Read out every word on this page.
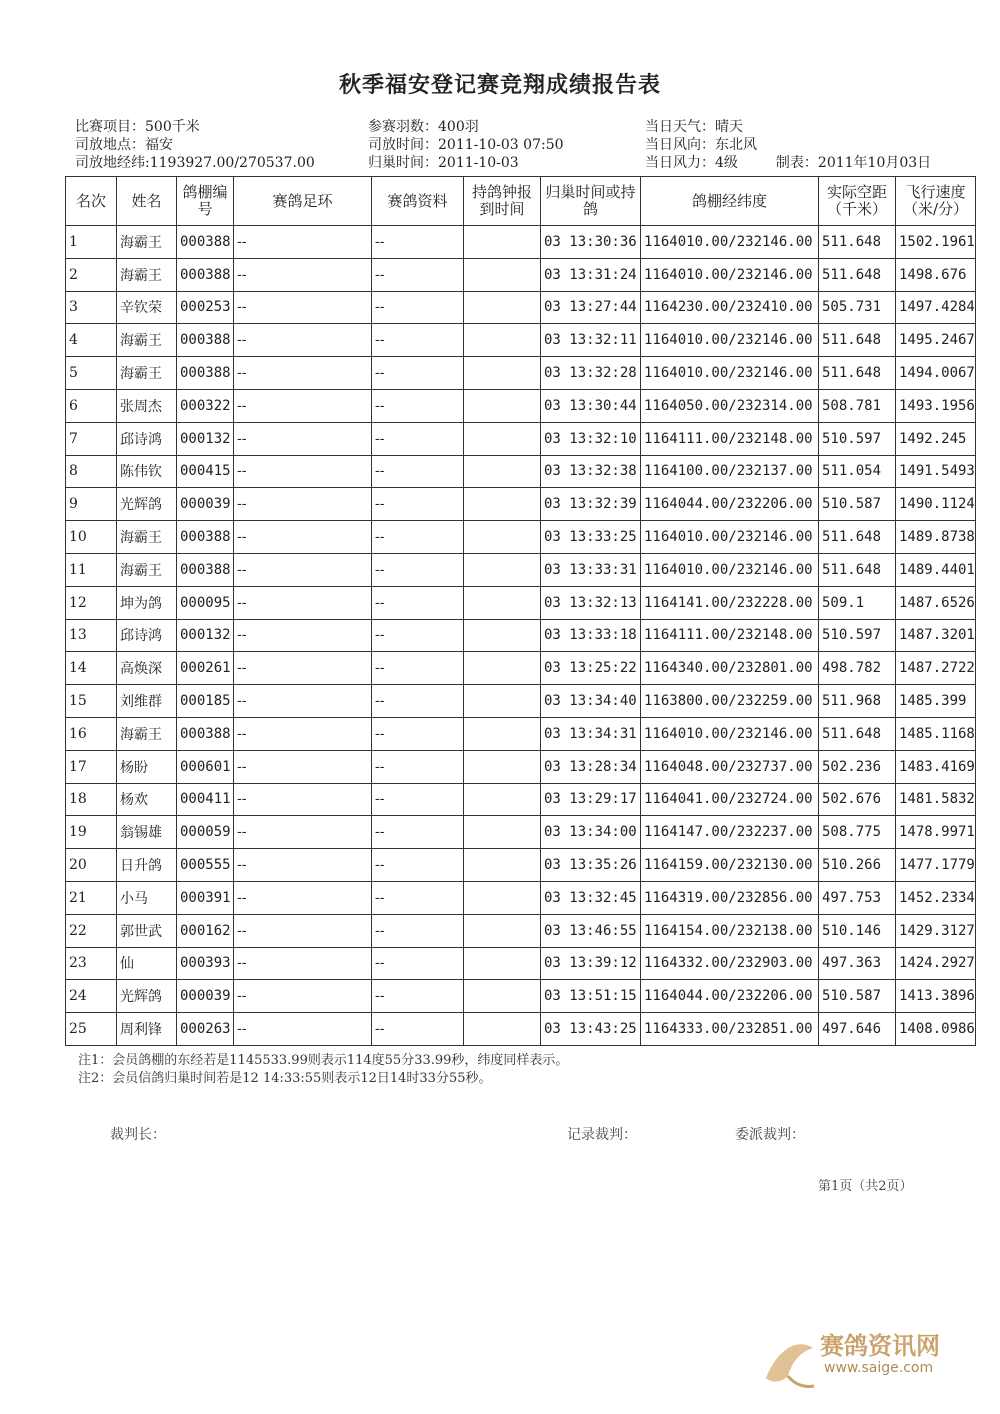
秋季福安登记赛竞翔成绩报告表
比赛项目：500千米
司放地点：福安
司放地经纬:1193927.00/270537.00
参赛羽数：400羽
司放时间：2011-10-03 07:50
归巢时间：2011-10-03
当日天气：晴天
当日风向：东北风
当日风力：4级	制表：2011年10月03日
名次	姓名	鸽棚编号	赛鸽足环	赛鸽资料	持鸽钟报到时间	归巢时间或持鸽	鸽棚经纬度	实际空距（千米）	飞行速度（米/分）
1	海霸王	000388	--	--		03 13:30:36	1164010.00/232146.00	511.648	1502.1961
2	海霸王	000388	--	--		03 13:31:24	1164010.00/232146.00	511.648	1498.676
3	辛钦荣	000253	--	--		03 13:27:44	1164230.00/232410.00	505.731	1497.4284
4	海霸王	000388	--	--		03 13:32:11	1164010.00/232146.00	511.648	1495.2467
5	海霸王	000388	--	--		03 13:32:28	1164010.00/232146.00	511.648	1494.0067
6	张周杰	000322	--	--		03 13:30:44	1164050.00/232314.00	508.781	1493.1956
7	邱诗鸿	000132	--	--		03 13:32:10	1164111.00/232148.00	510.597	1492.245
8	陈伟钦	000415	--	--		03 13:32:38	1164100.00/232137.00	511.054	1491.5493
9	光辉鸽	000039	--	--		03 13:32:39	1164044.00/232206.00	510.587	1490.1124
10	海霸王	000388	--	--		03 13:33:25	1164010.00/232146.00	511.648	1489.8738
11	海霸王	000388	--	--		03 13:33:31	1164010.00/232146.00	511.648	1489.4401
12	坤为鸽	000095	--	--		03 13:32:13	1164141.00/232228.00	509.1	1487.6526
13	邱诗鸿	000132	--	--		03 13:33:18	1164111.00/232148.00	510.597	1487.3201
14	高焕深	000261	--	--		03 13:25:22	1164340.00/232801.00	498.782	1487.2722
15	刘维群	000185	--	--		03 13:34:40	1163800.00/232259.00	511.968	1485.399
16	海霸王	000388	--	--		03 13:34:31	1164010.00/232146.00	511.648	1485.1168
17	杨盼	000601	--	--		03 13:28:34	1164048.00/232737.00	502.236	1483.4169
18	杨欢	000411	--	--		03 13:29:17	1164041.00/232724.00	502.676	1481.5832
19	翁锡雄	000059	--	--		03 13:34:00	1164147.00/232237.00	508.775	1478.9971
20	日升鸽	000555	--	--		03 13:35:26	1164159.00/232130.00	510.266	1477.1779
21	小马	000391	--	--		03 13:32:45	1164319.00/232856.00	497.753	1452.2334
22	郭世武	000162	--	--		03 13:46:55	1164154.00/232138.00	510.146	1429.3127
23	仙	000393	--	--		03 13:39:12	1164332.00/232903.00	497.363	1424.2927
24	光辉鸽	000039	--	--		03 13:51:15	1164044.00/232206.00	510.587	1413.3896
25	周利锋	000263	--	--		03 13:43:25	1164333.00/232851.00	497.646	1408.0986
注1：会员鸽棚的东经若是1145533.99则表示114度55分33.99秒，纬度同样表示。
注2：会员信鸽归巢时间若是12 14:33:55则表示12日14时33分55秒。
裁判长：	记录裁判：	委派裁判：
第1页（共2页）
赛鸽资讯网
www.saige.com
